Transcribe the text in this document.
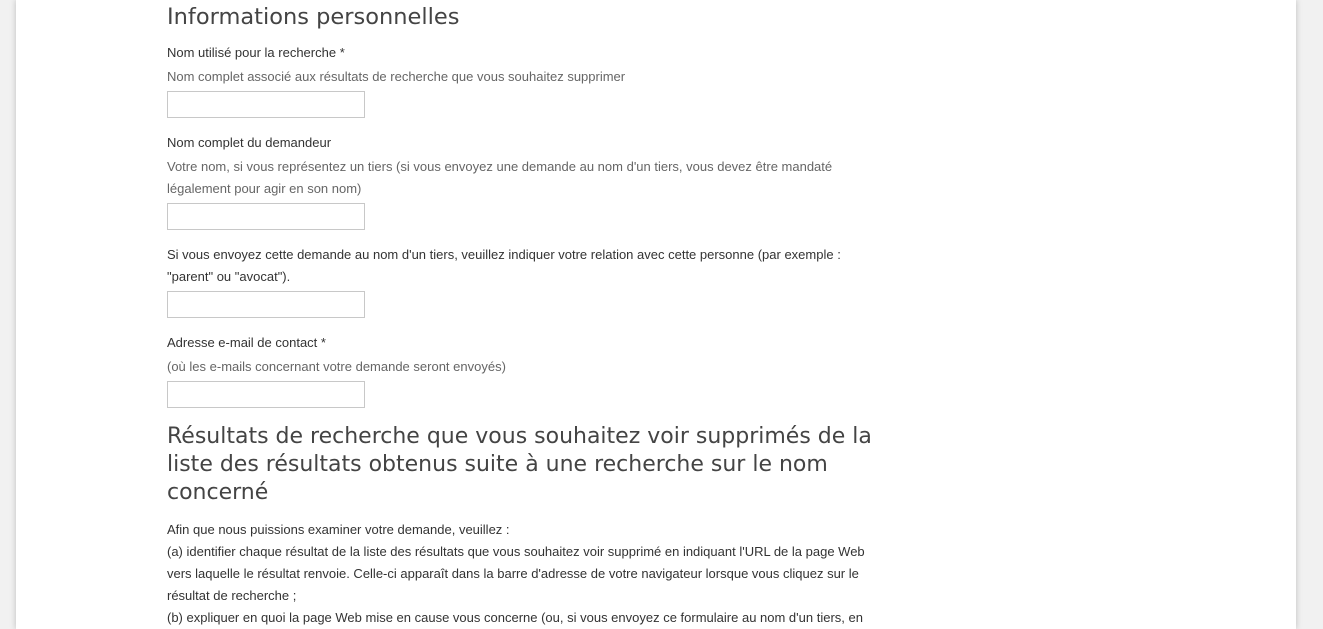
Informations personnelles
Nom utilisé pour la recherche *
Nom complet associé aux résultats de recherche que vous souhaitez supprimer
Nom complet du demandeur
Votre nom, si vous représentez un tiers (si vous envoyez une demande au nom d'un tiers, vous devez être mandaté
légalement pour agir en son nom)
Si vous envoyez cette demande au nom d'un tiers, veuillez indiquer votre relation avec cette personne (par exemple :
"parent" ou "avocat").
Adresse e-mail de contact *
(où les e-mails concernant votre demande seront envoyés)
Résultats de recherche que vous souhaitez voir supprimés de la
liste des résultats obtenus suite à une recherche sur le nom
concerné
Afin que nous puissions examiner votre demande, veuillez :
(a) identifier chaque résultat de la liste des résultats que vous souhaitez voir supprimé en indiquant l'URL de la page Web
vers laquelle le résultat renvoie. Celle-ci apparaît dans la barre d'adresse de votre navigateur lorsque vous cliquez sur le
résultat de recherche ;
(b) expliquer en quoi la page Web mise en cause vous concerne (ou, si vous envoyez ce formulaire au nom d'un tiers, en
